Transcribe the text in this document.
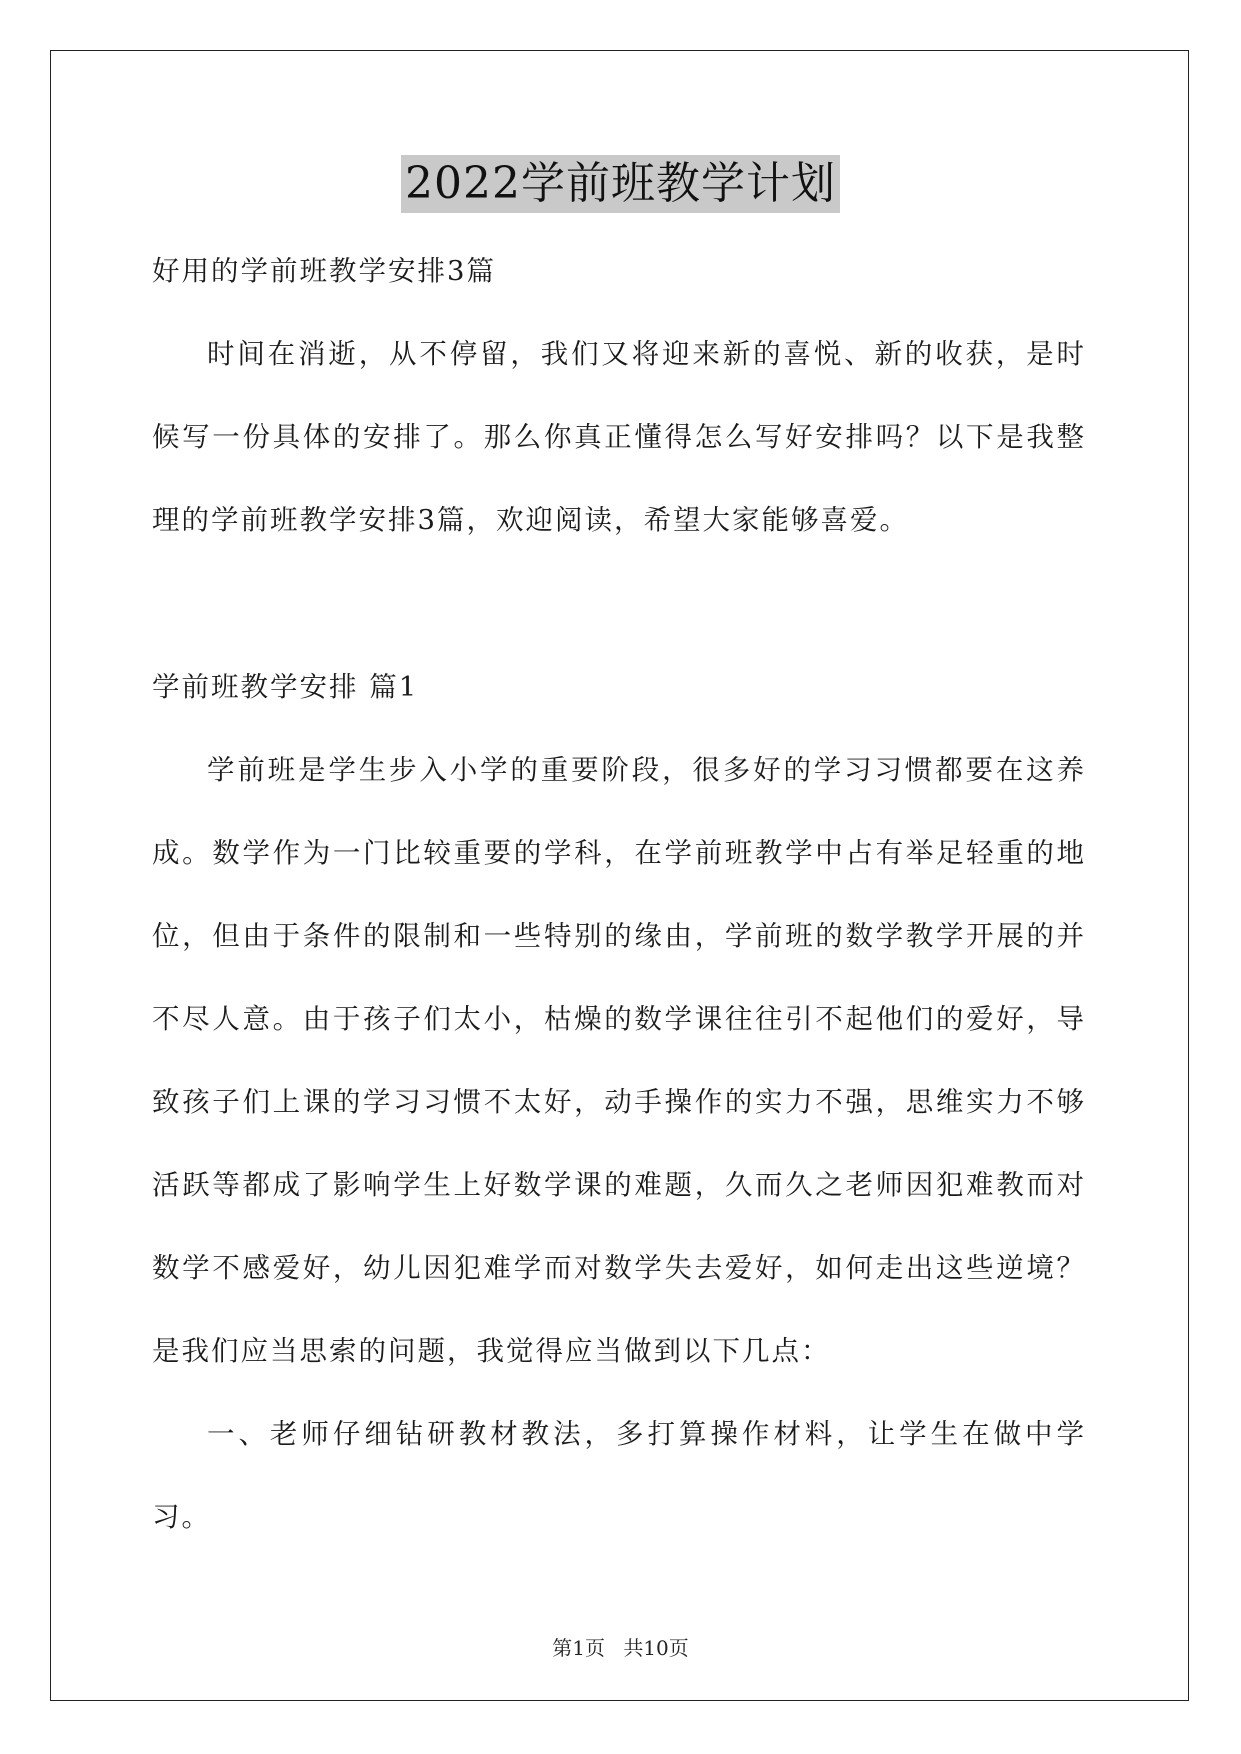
2022学前班教学计划

好用的学前班教学安排3篇

时间在消逝，从不停留，我们又将迎来新的喜悦、新的收获，是时候写一份具体的安排了。那么你真正懂得怎么写好安排吗？以下是我整理的学前班教学安排3篇，欢迎阅读，希望大家能够喜爱。

学前班教学安排 篇1

学前班是学生步入小学的重要阶段，很多好的学习习惯都要在这养成。数学作为一门比较重要的学科，在学前班教学中占有举足轻重的地位，但由于条件的限制和一些特别的缘由，学前班的数学教学开展的并不尽人意。由于孩子们太小，枯燥的数学课往往引不起他们的爱好，导致孩子们上课的学习习惯不太好，动手操作的实力不强，思维实力不够活跃等都成了影响学生上好数学课的难题，久而久之老师因犯难教而对数学不感爱好，幼儿因犯难学而对数学失去爱好，如何走出这些逆境？是我们应当思索的问题，我觉得应当做到以下几点：

一、老师仔细钻研教材教法，多打算操作材料，让学生在做中学习。

第1页 共10页
